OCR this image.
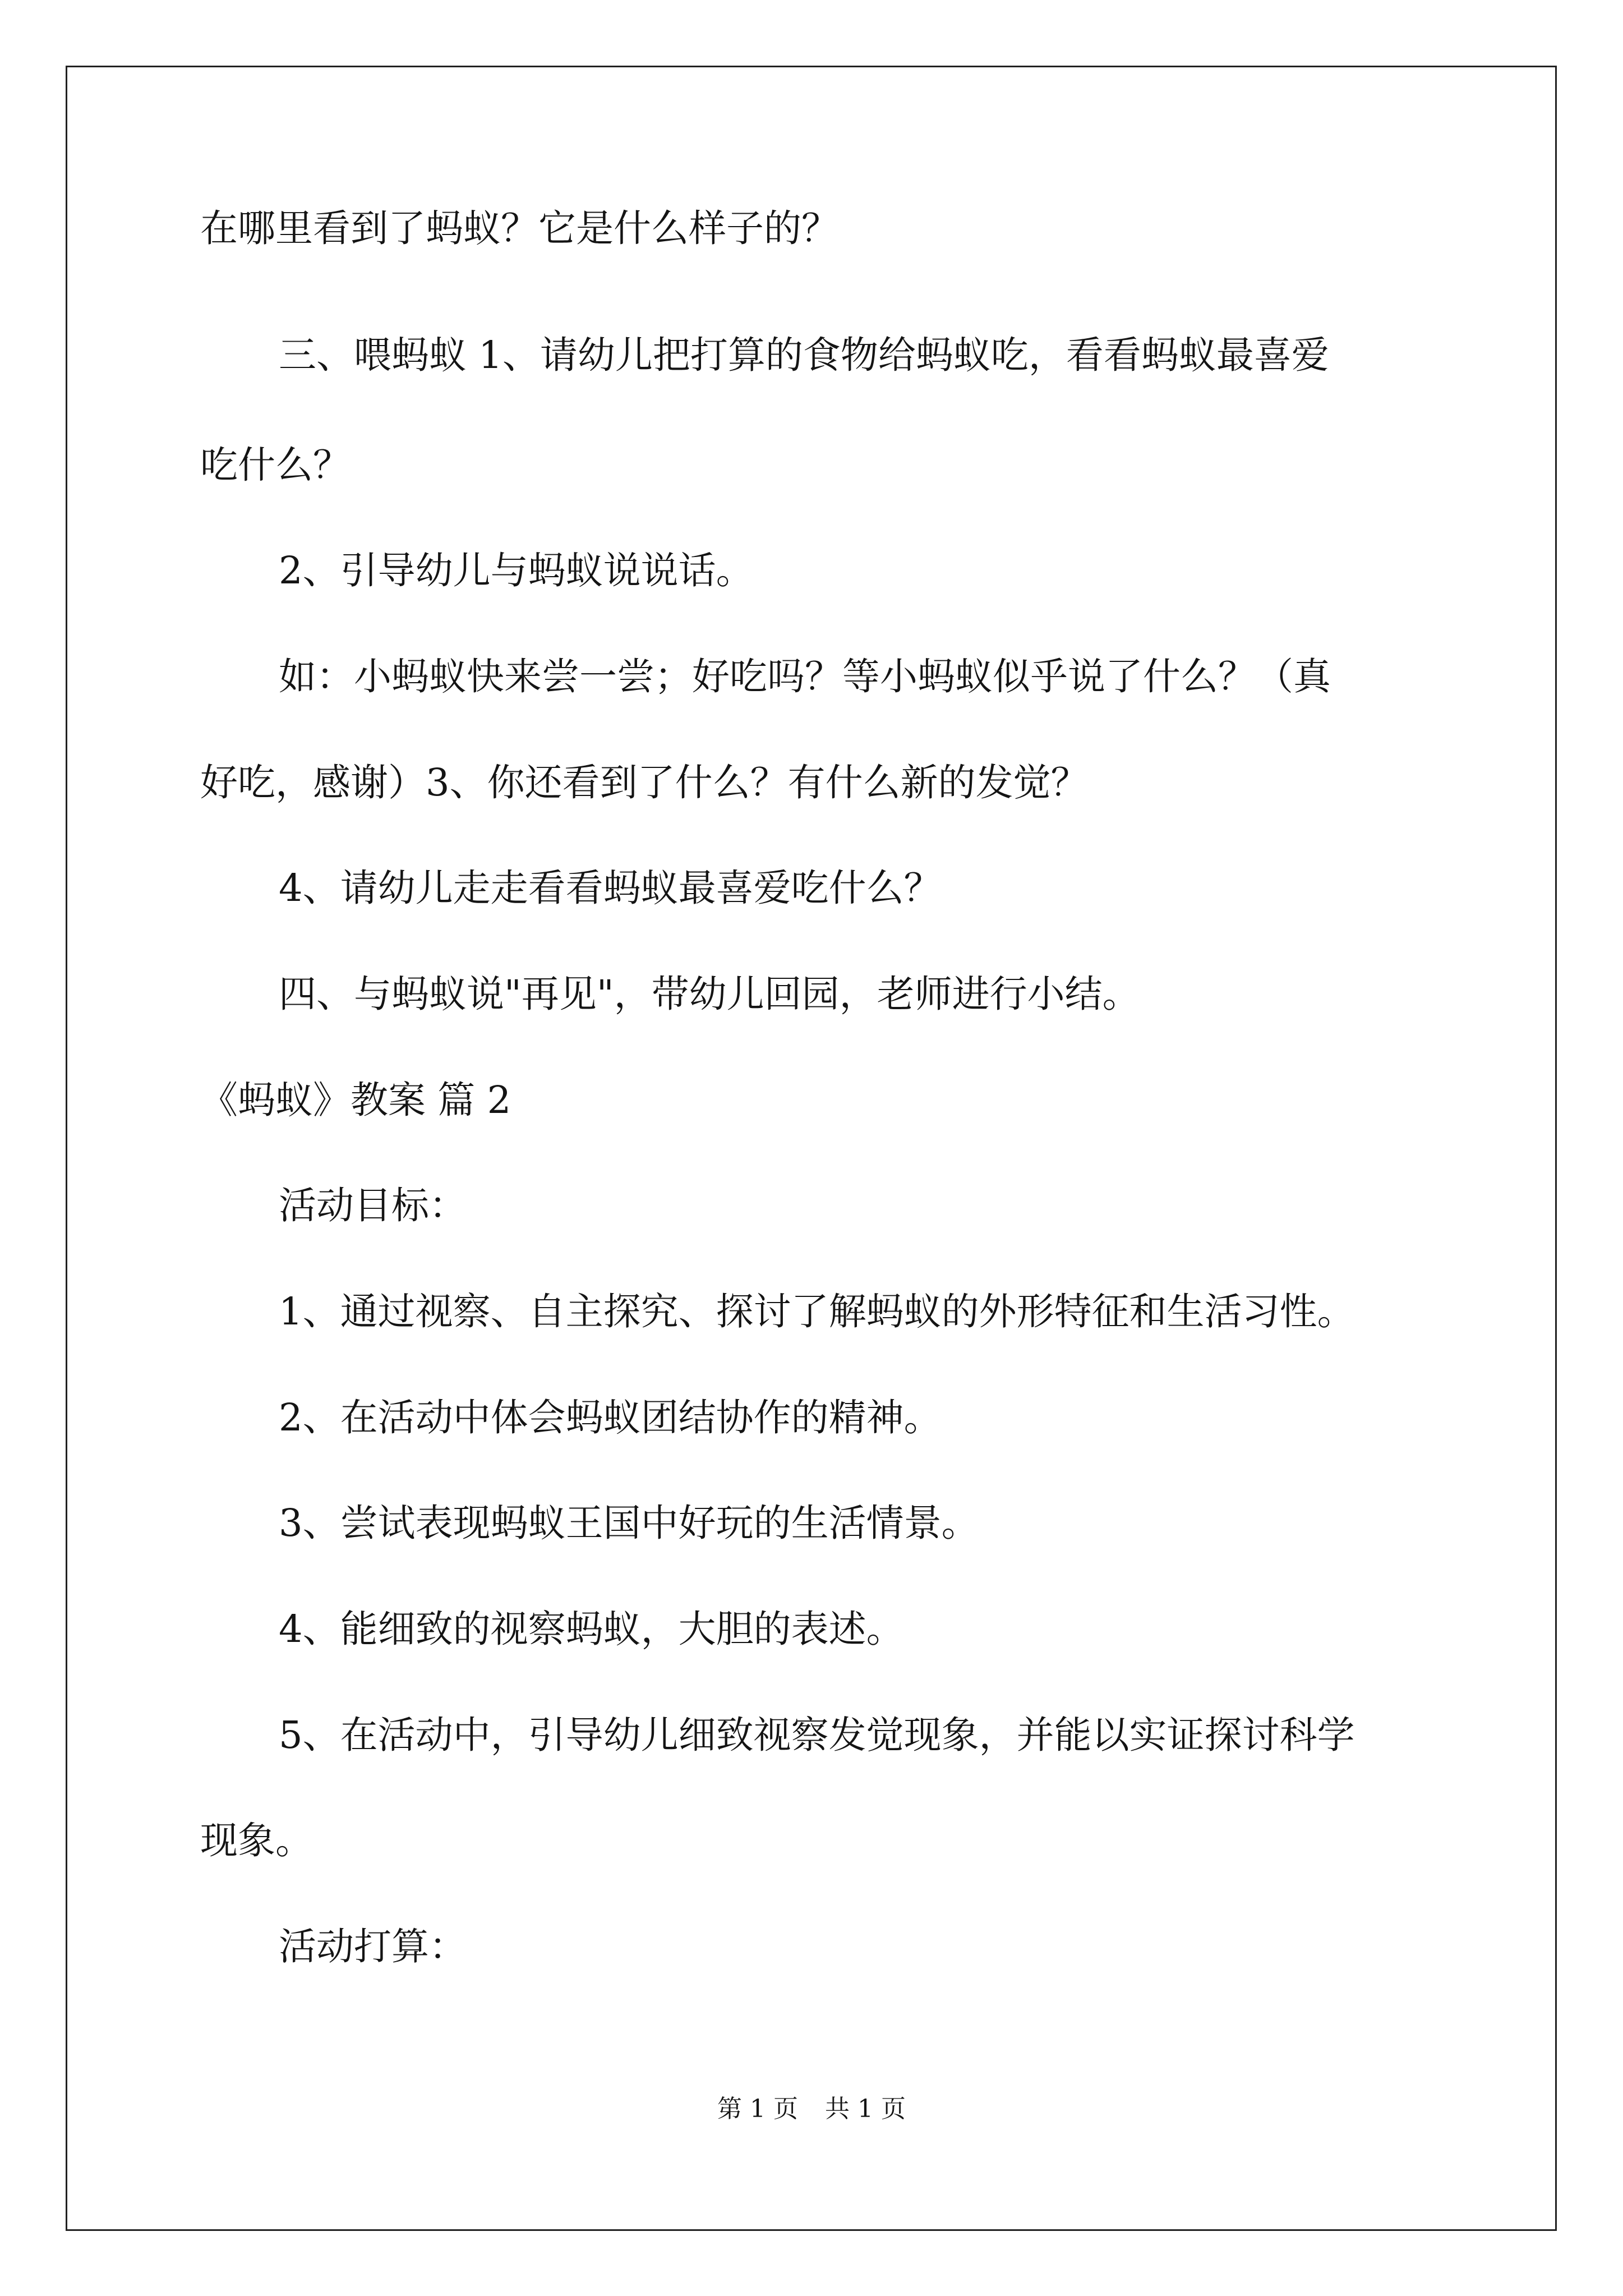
在哪里看到了蚂蚁？它是什么样子的？
三、喂蚂蚁 1、请幼儿把打算的食物给蚂蚁吃，看看蚂蚁最喜爱
吃什么？
2、引导幼儿与蚂蚁说说话。
如：小蚂蚁快来尝一尝；好吃吗？等小蚂蚁似乎说了什么？（真
好吃，感谢）3、你还看到了什么？有什么新的发觉？
4、请幼儿走走看看蚂蚁最喜爱吃什么？
四、与蚂蚁说"再见"，带幼儿回园，老师进行小结。
《蚂蚁》教案 篇 2
活动目标：
1、通过视察、自主探究、探讨了解蚂蚁的外形特征和生活习性。
2、在活动中体会蚂蚁团结协作的精神。
3、尝试表现蚂蚁王国中好玩的生活情景。
4、能细致的视察蚂蚁，大胆的表述。
5、在活动中，引导幼儿细致视察发觉现象，并能以实证探讨科学
现象。
活动打算：
第 1 页 共 1 页
